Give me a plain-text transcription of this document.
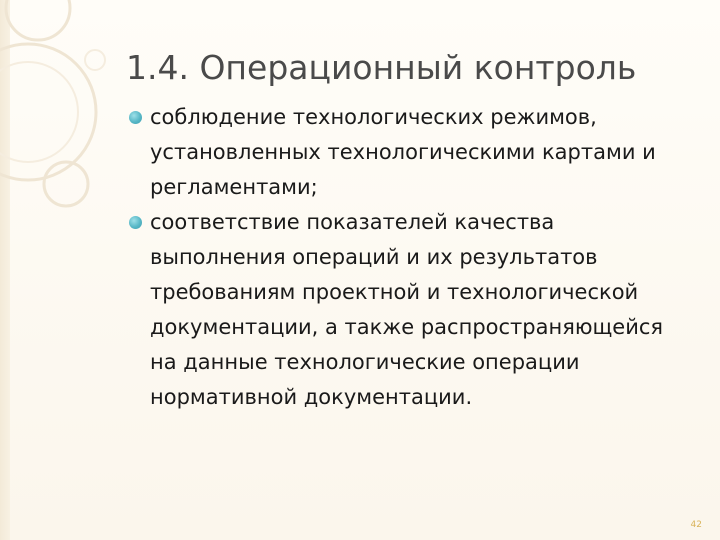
1.4. Операционный контроль
соблюдение технологических режимов, установленных технологическими картами и регламентами;
соответствие показателей качества выполнения операций и их результатов требованиям проектной и технологической документации, а также распространяющейся на данные технологические операции нормативной документации.
42
